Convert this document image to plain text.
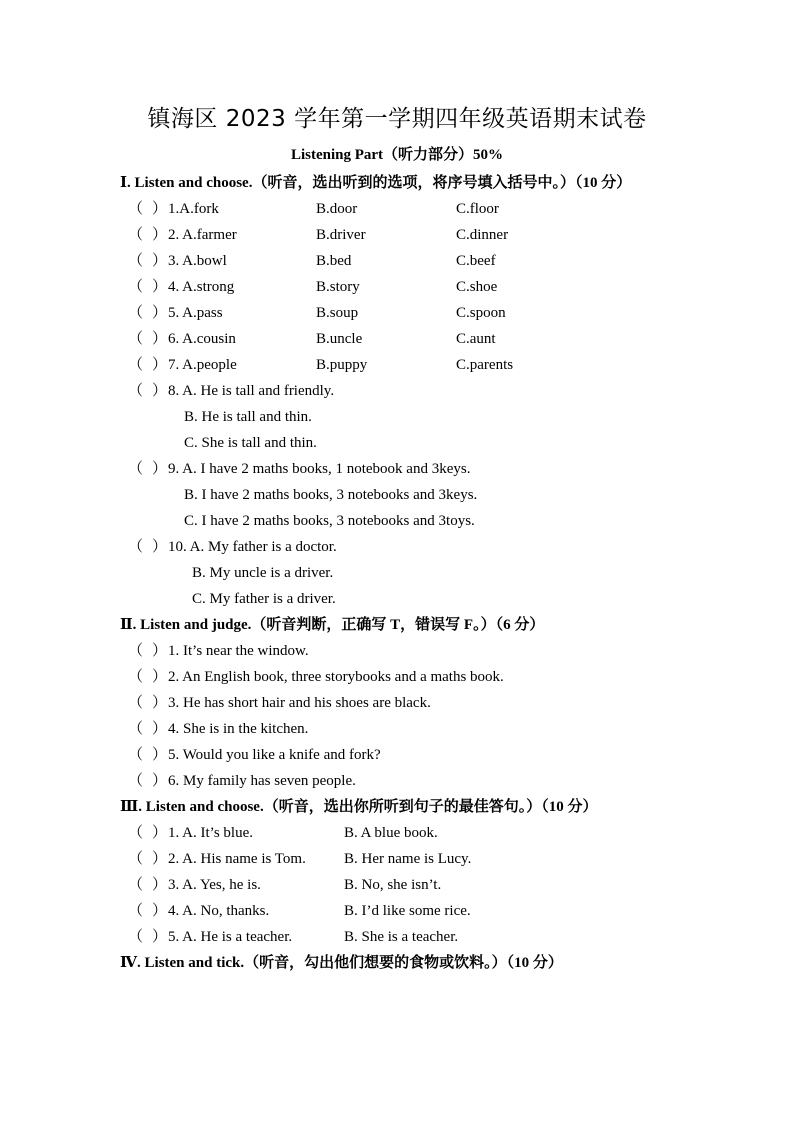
镇海区 2023 学年第一学期四年级英语期末试卷
Listening Part（听力部分）50%
Ⅰ. Listen and choose.（听音，选出听到的选项，将序号填入括号中。）（10 分）
（ ） 1.A.fork	B.door	C.floor
（ ） 2. A.farmer	B.driver	C.dinner
（ ） 3. A.bowl	B.bed	C.beef
（ ） 4. A.strong	B.story	C.shoe
（ ） 5. A.pass	B.soup	C.spoon
（ ） 6. A.cousin	B.uncle	C.aunt
（ ） 7. A.people	B.puppy	C.parents
（ ） 8. A. He is tall and friendly.
B. He is tall and thin.
C. She is tall and thin.
（ ） 9. A. I have 2 maths books, 1 notebook and 3keys.
B. I have 2 maths books, 3 notebooks and 3keys.
C. I have 2 maths books, 3 notebooks and 3toys.
（ ） 10. A. My father is a doctor.
B. My uncle is a driver.
C. My father is a driver.
Ⅱ. Listen and judge.（听音判断，正确写 T，错误写 F。）（6 分）
（ ） 1. It’s near the window.
（ ） 2. An English book, three storybooks and a maths book.
（ ） 3. He has short hair and his shoes are black.
（ ） 4. She is in the kitchen.
（ ） 5. Would you like a knife and fork?
（ ） 6. My family has seven people.
Ⅲ. Listen and choose.（听音，选出你所听到句子的最佳答句。）（10 分）
（ ） 1. A. It’s blue.	B. A blue book.
（ ） 2. A. His name is Tom.	B. Her name is Lucy.
（ ） 3. A. Yes, he is.	B. No, she isn’t.
（ ） 4. A. No, thanks.	B. I’d like some rice.
（ ） 5. A. He is a teacher.	B. She is a teacher.
Ⅳ. Listen and tick.（听音，勾出他们想要的食物或饮料。）（10 分）
